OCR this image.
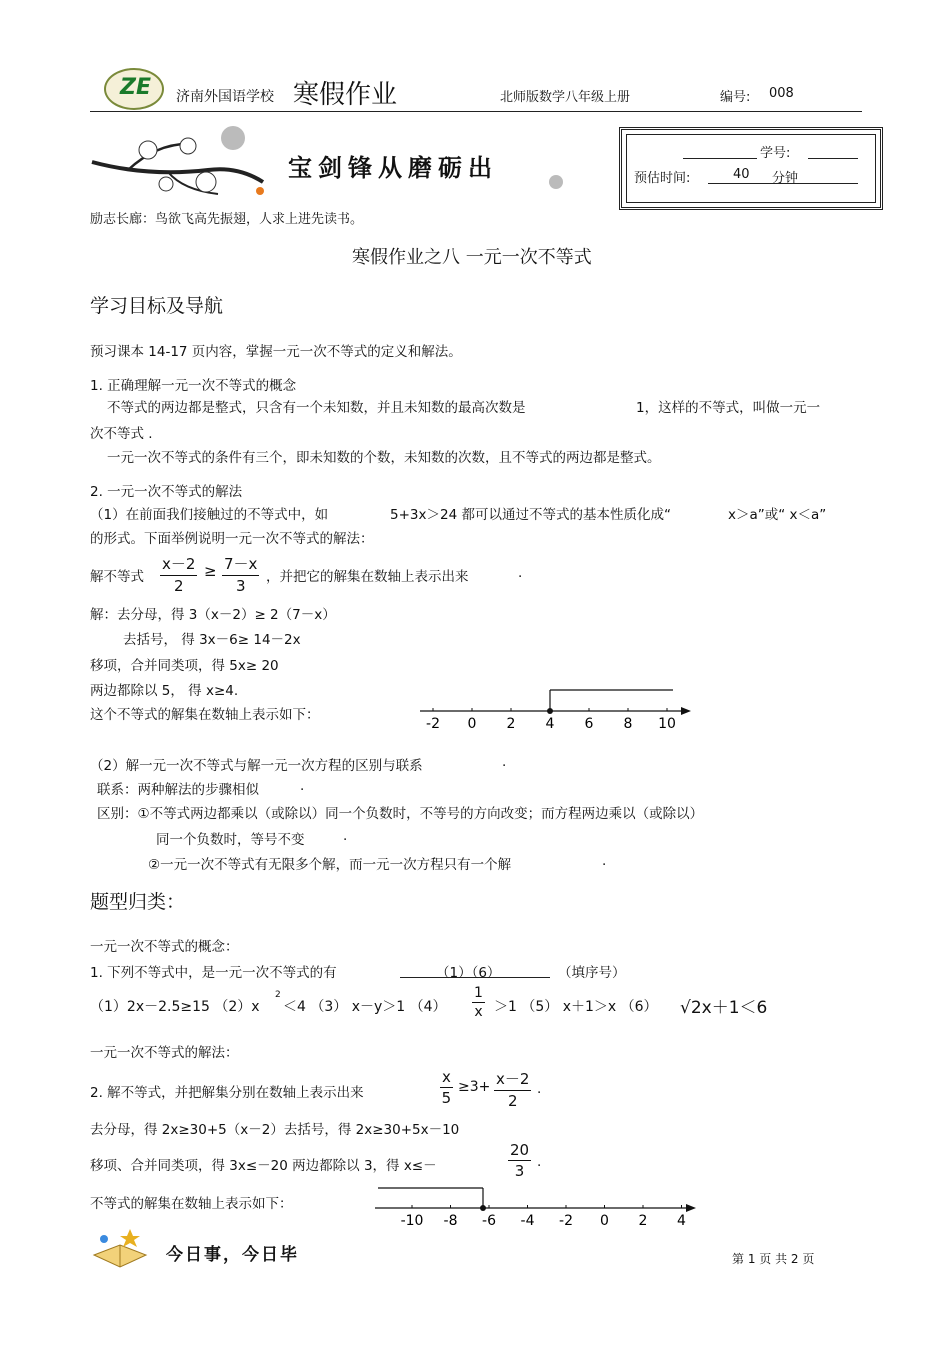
ZE 济南外国语学校 寒假作业	北师版数学八年级上册	编号: 008
宝剑锋从磨砺出
学号:
预估时间:	40 分钟
励志长廊：鸟欲飞高先振翅，人求上进先读书。
寒假作业之八 一元一次不等式
学习目标及导航
预习课本 14-17 页内容，掌握一元一次不等式的定义和解法。
1. 正确理解一元一次不等式的概念
不等式的两边都是整式，只含有一个未知数，并且未知数的最高次数是	1，这样的不等式，叫做一元一
次不等式 .
一元一次不等式的条件有三个，即未知数的个数，未知数的次数，且不等式的两边都是整式。
2. 一元一次不等式的解法
（1）在前面我们接触过的不等式中，如	5+3x＞24 都可以通过不等式的基本性质化成“	x＞a”或“ x＜a”
的形式。下面举例说明一元一次不等式的解法：
解不等式
x－2
2
≥ 7－x
3	，并把它的解集在数轴上表示出来	.
解：去分母，得 3（x－2）≥ 2（7－x）
去括号， 得 3x－6≥ 14－2x
移项，合并同类项，得 5x≥ 20
两边都除以 5， 得 x≥4.
这个不等式的解集在数轴上表示如下：
-2 0 2 4 6 8 10
（2）解一元一次不等式与解一元一次方程的区别与联系	.
联系：两种解法的步骤相似	.
区别：①不等式两边都乘以（或除以）同一个负数时，不等号的方向改变；而方程两边乘以（或除以）
同一个负数时，等号不变	.
②一元一次不等式有无限多个解，而一元一次方程只有一个解	.
题型归类：
一元一次不等式的概念：
1. 下列不等式中，是一元一次不等式的有	（1）（6）	（填序号）
（1）2x－2.5≥15 （2）x
2
＜4 （3） x－y＞1 （4）
1
x ＞1 （5） x＋1＞x （6） √2x＋1＜6
一元一次不等式的解法：
2. 解不等式，并把解集分别在数轴上表示出来
x
5
≥3+ x－2
2
.
去分母，得 2x≥30+5（x－2）去括号，得 2x≥30+5x－10
移项、合并同类项，得 3x≤－20 两边都除以 3，得 x≤－
20
3 .
不等式的解集在数轴上表示如下：
-10 -8 -6 -4 -2 0 2 4
今日事，今日毕	第 1 页 共 2 页
